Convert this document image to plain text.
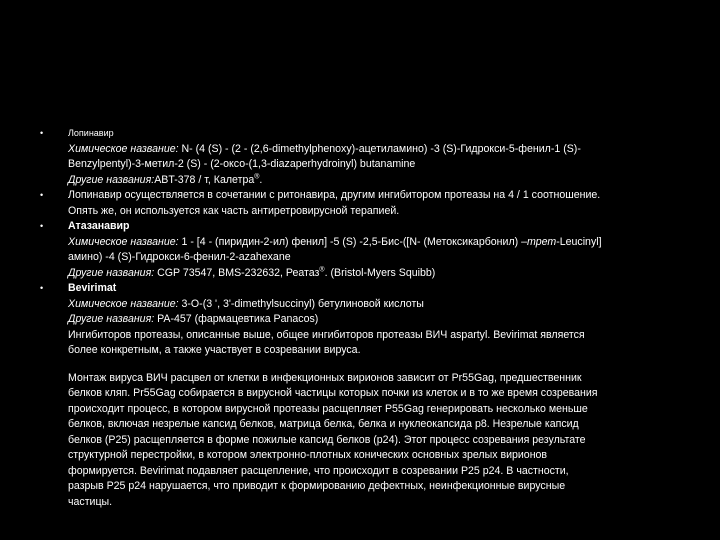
•	Лопинавир
Химическое название: N- (4 (S) - (2 - (2,6-dimethylphenoxy)-ацетиламино) -3 (S)-Гидрокси-5-фенил-1 (S)-
Benzylpentyl)-3-метил-2 (S) - (2-оксо-(1,3-diazaperhydroinyl) butanamine
Другие названия:ABT-378 / т, Калетра®.
• Лопинавир осуществляется в сочетании с ритонавира, другим ингибитором протеазы на 4 / 1 соотношение.
Опять же, он используется как часть антиретровирусной терапией.
• Атазанавир
Химическое название: 1 - [4 - (пиридин-2-ил) фенил] -5 (S) -2,5-Бис-([N- (Метоксикарбонил) –трет-Leucinyl]
амино) -4 (S)-Гидрокси-6-фенил-2-azahexane
Другие названия: CGP 73547, BMS-232632, Реатаз®. (Bristol-Myers Squibb)
• Bevirimat
Химическое название: 3-O-(3 ', 3'-dimethylsuccinyl) бетулиновой кислоты
Другие названия: PA-457 (фармацевтика Panacos)
Ингибиторов протеазы, описанные выше, общее ингибиторов протеазы ВИЧ aspartyl. Bevirimat является
более конкретным, а также участвует в созревании вируса.
Монтаж вируса ВИЧ расцвел от клетки в инфекционных вирионов зависит от Pr55Gag, предшественник
белков кляп. Pr55Gag собирается в вирусной частицы которых почки из клеток и в то же время созревания
происходит процесс, в котором вирусной протеазы расщепляет P55Gag генерировать несколько меньше
белков, включая незрелые капсид белков, матрица белка, белка и нуклеокапсида p8. Незрелые капсид
белков (P25) расщепляется в форме пожилые капсид белков (p24). Этот процесс созревания результате
структурной перестройки, в котором электронно-плотных конических основных зрелых вирионов
формируется. Bevirimat подавляет расщепление, что происходит в созревании P25 p24. В частности,
разрыв P25 p24 нарушается, что приводит к формированию дефектных, неинфекционные вирусные
частицы.
